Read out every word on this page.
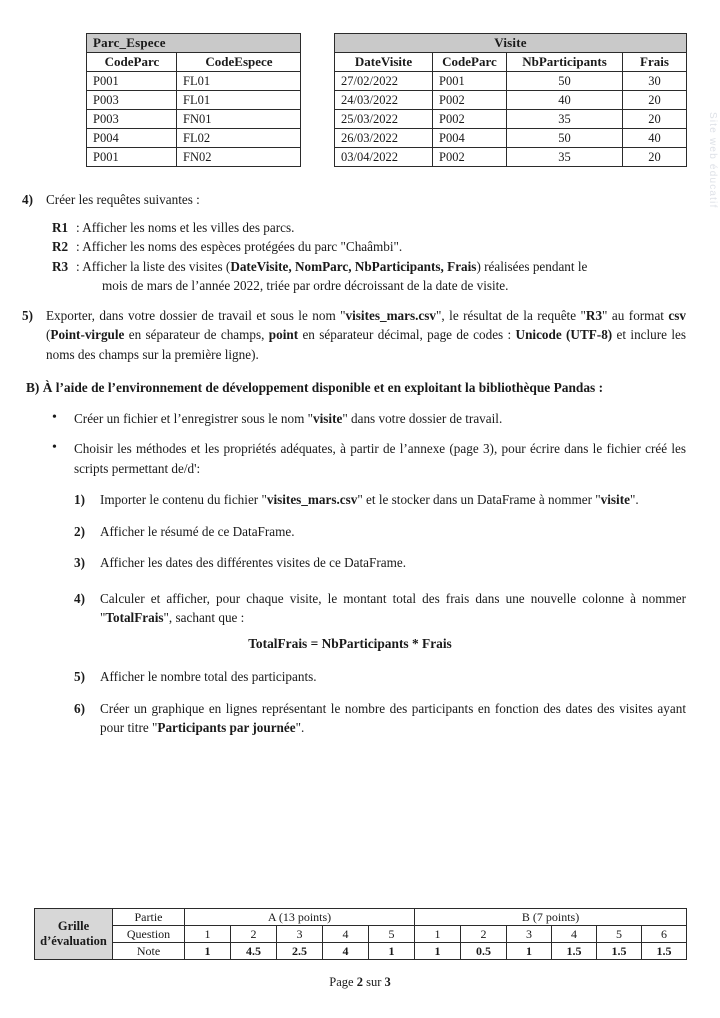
Parc_Espece	
CodeParc	CodeEspece
P001	FL01
P003	FL01
P003	FN01
P004	FL02
P001	FN02
Visite			
DateVisite	CodeParc	NbParticipants	Frais
27/02/2022	P001	50	30
24/03/2022	P002	40	20
25/03/2022	P002	35	20
26/03/2022	P004	50	40
03/04/2022	P002	35	20
4) Créer les requêtes suivantes :
R1 : Afficher les noms et les villes des parcs.
R2 : Afficher les noms des espèces protégées du parc "Chaâmbi".
R3 : Afficher la liste des visites (DateVisite, NomParc, NbParticipants, Frais) réalisées pendant le
mois de mars de l’année 2022, triée par ordre décroissant de la date de visite.
5) Exporter, dans votre dossier de travail et sous le nom "visites_mars.csv", le résultat de la requête "R3" au format csv (Point-virgule en séparateur de champs, point en séparateur décimal, page de codes : Unicode (UTF-8) et inclure les noms des champs sur la première ligne).
B) À l’aide de l’environnement de développement disponible et en exploitant la bibliothèque Pandas :
• Créer un fichier et l’enregistrer sous le nom "visite" dans votre dossier de travail.
• Choisir les méthodes et les propriétés adéquates, à partir de l’annexe (page 3), pour écrire dans le fichier créé les scripts permettant de/d':
1) Importer le contenu du fichier "visites_mars.csv" et le stocker dans un DataFrame à nommer "visite".
2) Afficher le résumé de ce DataFrame.
3) Afficher les dates des différentes visites de ce DataFrame.
4) Calculer et afficher, pour chaque visite, le montant total des frais dans une nouvelle colonne à nommer "TotalFrais", sachant que :
TotalFrais = NbParticipants * Frais
5) Afficher le nombre total des participants.
6) Créer un graphique en lignes représentant le nombre des participants en fonction des dates des visites ayant pour titre "Participants par journée".
Site web éducatif
Grille
d’évaluation	Partie	A (13 points)					B (7 points)					
	Question	1	2	3	4	5	1	2	3	4	5	6
	Note	1	4.5	2.5	4	1	1	0.5	1	1.5	1.5	1.5
Page 2 sur 3
